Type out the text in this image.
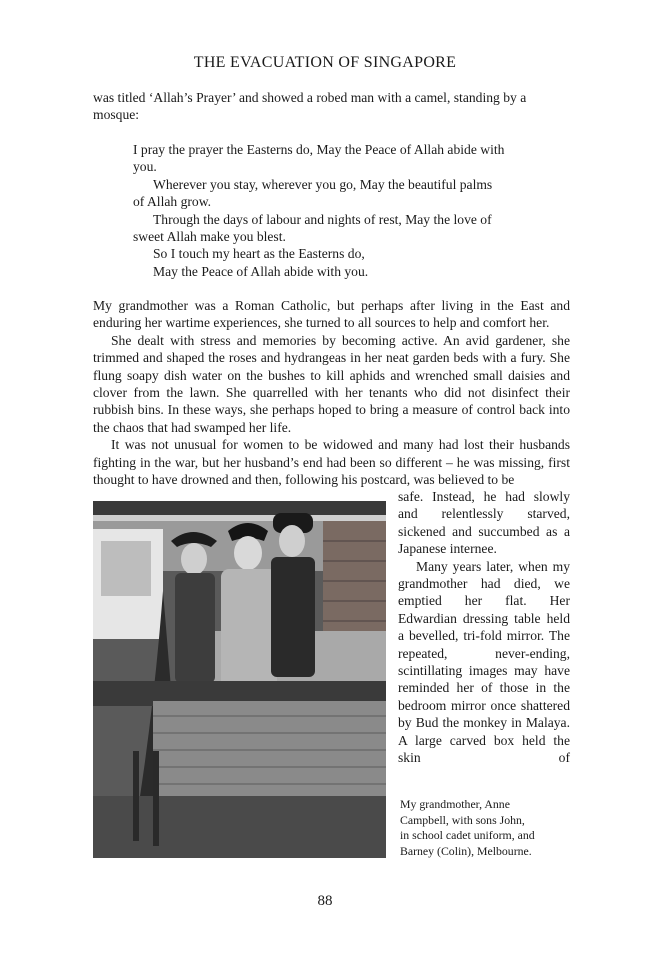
THE EVACUATION OF SINGAPORE
was titled ‘Allah’s Prayer’ and showed a robed man with a camel, standing by a
mosque:

I pray the prayer the Easterns do, May the Peace of Allah abide with

you.

Wherever you stay, wherever you go, May the beautiful palms

of Allah grow.

Through the days of labour and nights of rest, May the love of

sweet Allah make you blest.

So I touch my heart as the Easterns do,

May the Peace of Allah abide with you.

My grandmother was a Roman Catholic, but perhaps after living in the East and enduring her wartime experiences, she turned to all sources to help and comfort her.

She dealt with stress and memories by becoming active. An avid gardener, she trimmed and shaped the roses and hydrangeas in her neat garden beds with a fury. She flung soapy dish water on the bushes to kill aphids and wrenched small daisies and clover from the lawn. She quarrelled with her tenants who did not disinfect their rubbish bins. In these ways, she perhaps hoped to bring a measure of control back into the chaos that had swamped her life.

It was not unusual for women to be widowed and many had lost their husbands fighting in the war, but her husband’s end had been so different – he was missing, first thought to have drowned and then, following his postcard, was believed to be

safe. Instead, he had slowly and relentlessly starved, sickened and succumbed as a Japanese internee.

Many years later, when my grandmother had died, we emptied her flat. Her Edwardian dressing table held a bevelled, tri-fold mirror. The repeated, never-ending, scintillating images may have reminded her of those in the bedroom mirror once shattered by Bud the monkey in Malaya. A large carved box held the skin of

My grandmother, Anne
Campbell, with sons John,
in school cadet uniform, and
Barney (Colin), Melbourne.
88
